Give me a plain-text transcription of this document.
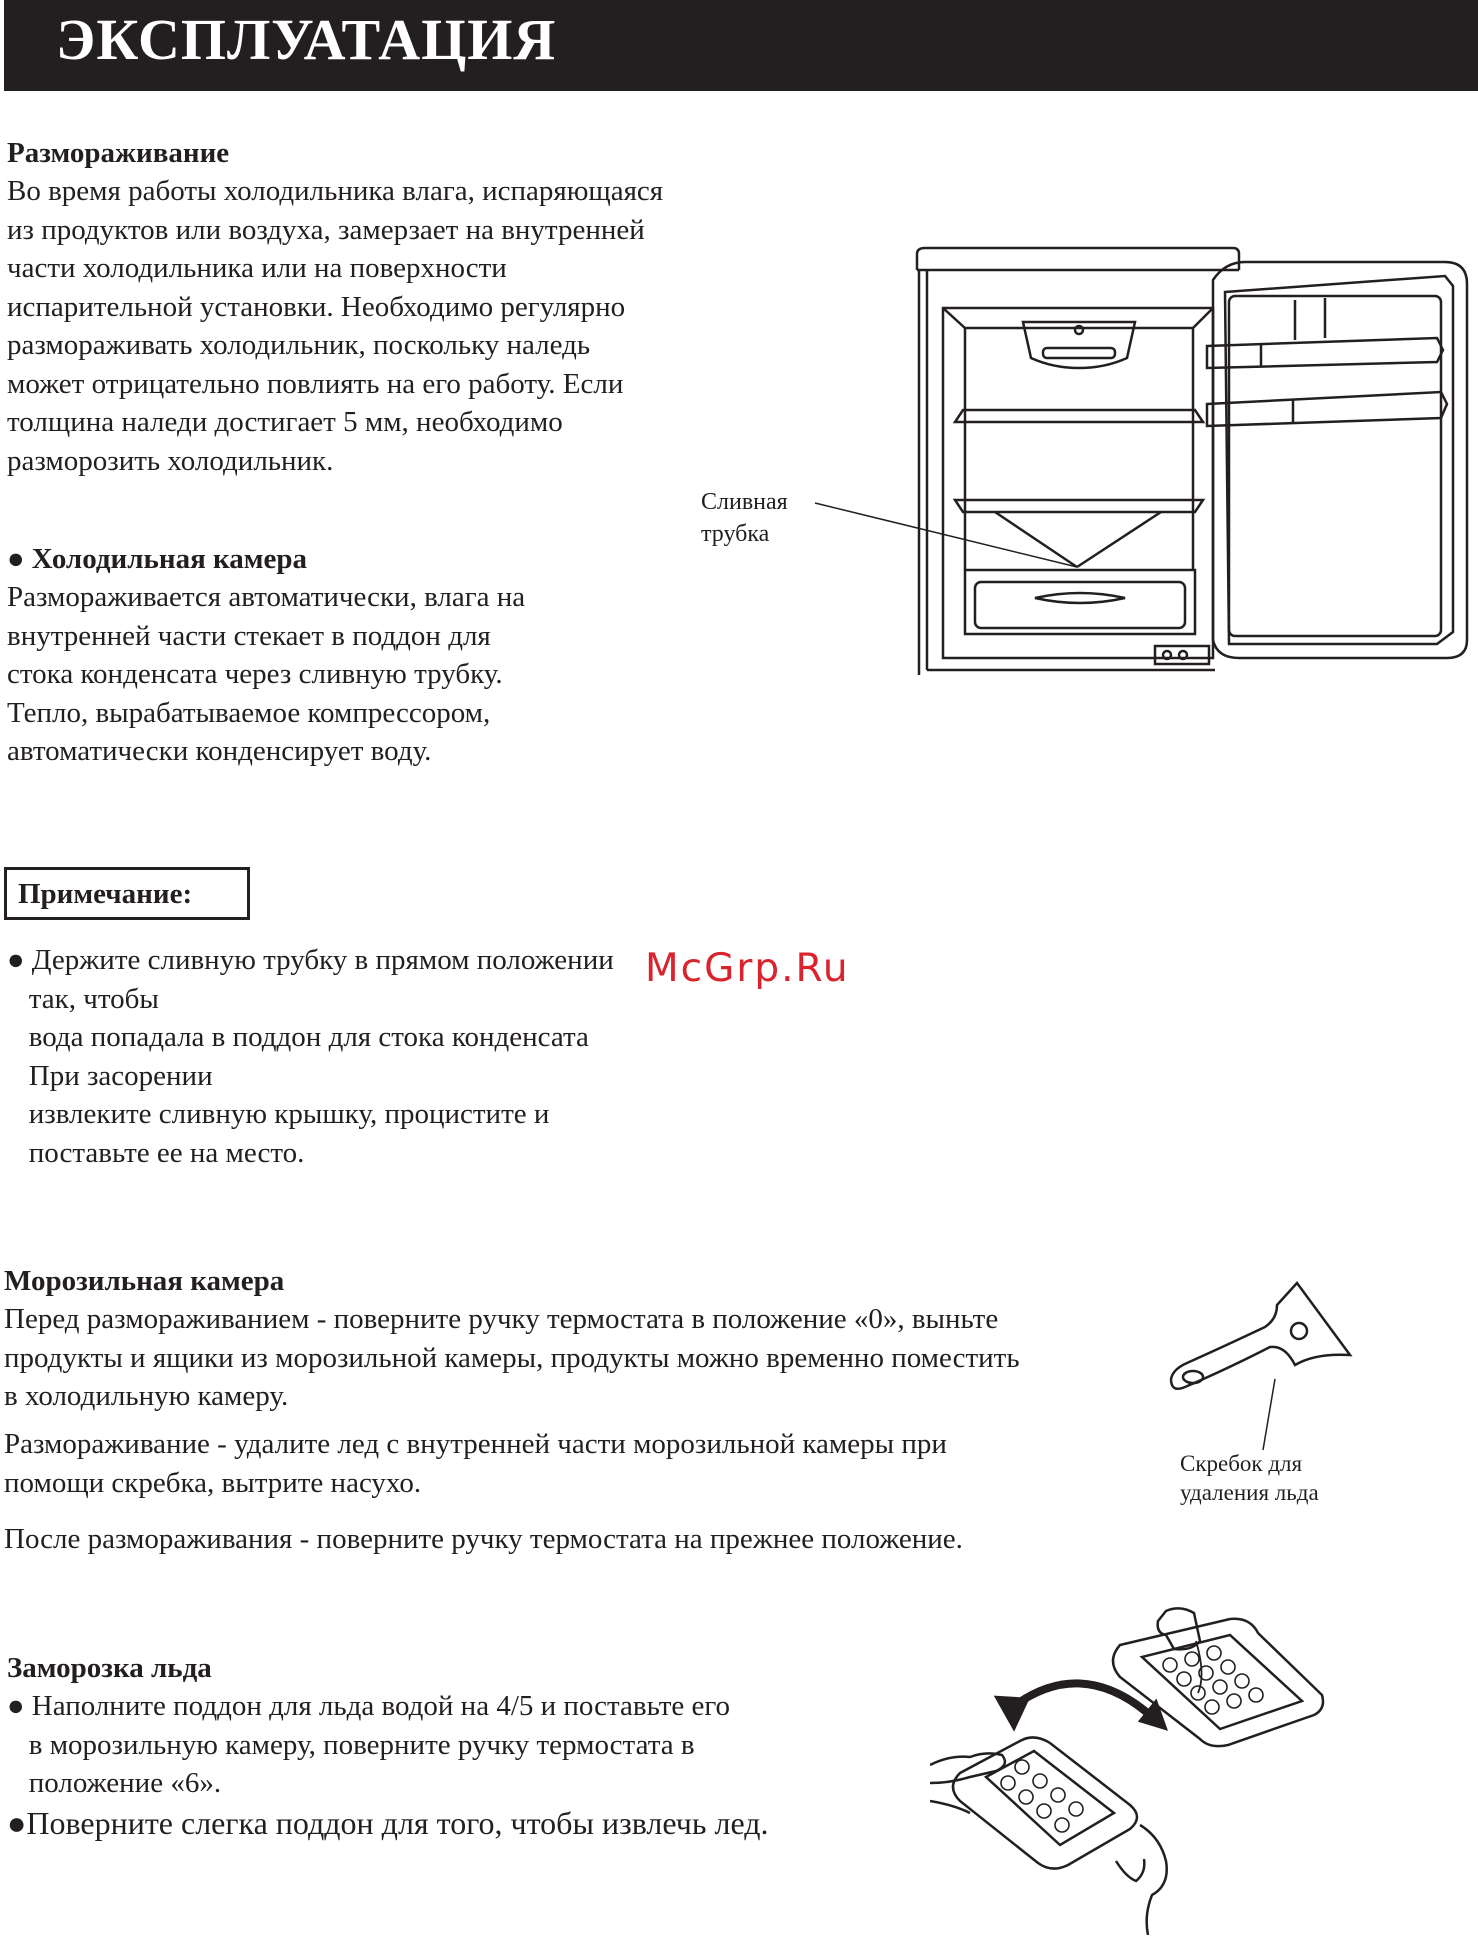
ЭКСПЛУАТАЦИЯ
Размораживание
Во время работы холодильника влага, испаряющаяся
из продуктов или воздуха, замерзает на внутренней
части холодильника или на поверхности
испарительной установки. Необходимо регулярно
размораживать холодильник, поскольку наледь
может отрицательно повлиять на его работу. Если
толщина наледи достигает 5 мм, необходимо
разморозить холодильник.
● Холодильная камера
Размораживается автоматически, влага на
внутренней части стекает в поддон для
стока конденсата через сливную трубку.
Тепло, вырабатываемое компрессором,
автоматически конденсирует воду.
Сливная
трубка
Примечание:
● Держите сливную трубку в прямом положении
так, чтобы
вода попадала в поддон для стока конденсата
При засорении
извлеките сливную крышку, процистите и
поставьте ее на место.
McGrp.Ru
Морозильная камера
Перед размораживанием - поверните ручку термостата в положение «0», выньте
продукты и ящики из морозильной камеры, продукты можно временно поместить
в холодильную камеру.
Размораживание - удалите лед с внутренней части морозильной камеры при
помощи скребка, вытрите насухо.
После размораживания - поверните ручку термостата на прежнее положение.
Скребок для
удаления льда
Заморозка льда
● Наполните поддон для льда водой на 4/5 и поставьте его
в морозильную камеру, поверните ручку термостата в
положение «6».
●Поверните слегка поддон для того, чтобы извлечь лед.
